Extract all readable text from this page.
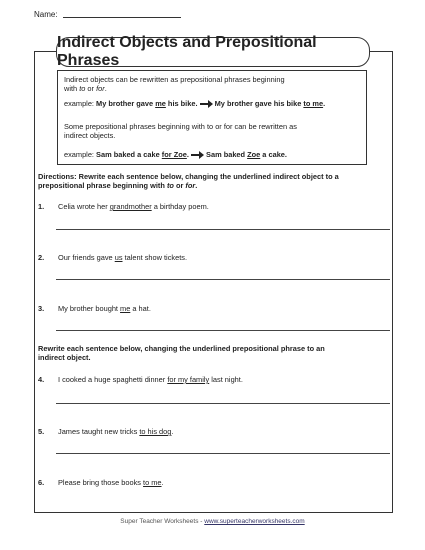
Name:
Indirect Objects and Prepositional Phrases
Indirect objects can be rewritten as prepositional phrases beginning
with to or for.
example: My brother gave me his bike. My brother gave his bike to me.
Some prepositional phrases beginning with to or for can be rewritten as
indirect objects.
example: Sam baked a cake for Zoe. Sam baked Zoe a cake.
Directions: Rewrite each sentence below, changing the underlined indirect object to a
prepositional phrase beginning with to or for.
1. Celia wrote her grandmother a birthday poem.
2. Our friends gave us talent show tickets.
3. My brother bought me a hat.
Rewrite each sentence below, changing the underlined prepositional phrase to an
indirect object.
4. I cooked a huge spaghetti dinner for my family last night.
5. James taught new tricks to his dog.
6. Please bring those books to me.
Super Teacher Worksheets - www.superteacherworksheets.com
